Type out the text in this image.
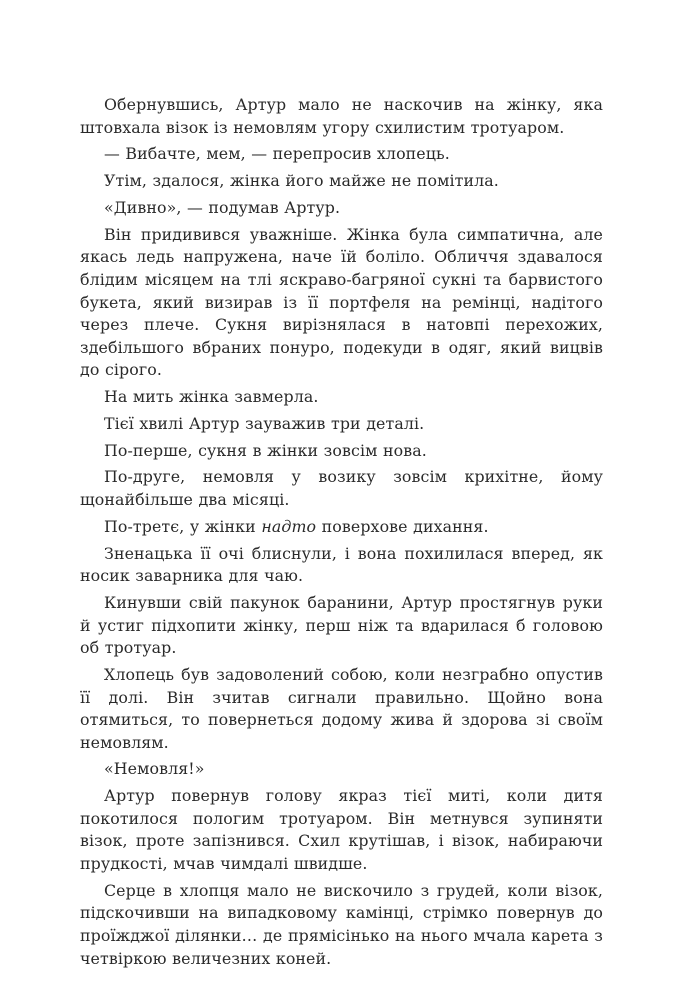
Обернувшись, Артур мало не наскочив на жінку, яка штовхала візок із немовлям угору схилистим тротуаром.

— Вибачте, мем, — перепросив хлопець.

Утім, здалося, жінка його майже не помітила.

«Дивно», — подумав Артур.

Він придивився уважніше. Жінка була симпатична, але якась ледь напружена, наче їй боліло. Обличчя здавалося блідим місяцем на тлі яскраво-багряної сукні та барвистого букета, який визирав із її портфеля на ремінці, надітого через плече. Сукня вирізнялася в натовпі перехожих, здебільшого вбраних понуро, подекуди в одяг, який вицвів до сірого.

На мить жінка завмерла.

Тієї хвилі Артур зауважив три деталі.

По-перше, сукня в жінки зовсім нова.

По-друге, немовля у возику зовсім крихітне, йому щонайбільше два місяці.

По-третє, у жінки надто поверхове дихання.

Зненацька її очі блиснули, і вона похилилася вперед, як носик заварника для чаю.

Кинувши свій пакунок баранини, Артур простягнув руки й устиг підхопити жінку, перш ніж та вдарилася б головою об тротуар.

Хлопець був задоволений собою, коли незграбно опустив її долі. Він зчитав сигнали правильно. Щойно вона отямиться, то повернеться додому жива й здорова зі своїм немовлям.

«Немовля!»

Артур повернув голову якраз тієї миті, коли дитя покотилося пологим тротуаром. Він метнувся зупиняти візок, проте запізнився. Схил крутішав, і візок, набираючи прудкості, мчав чимдалі швидше.

Серце в хлопця мало не вискочило з грудей, коли візок, підскочивши на випадковому камінці, стрімко повернув до проїжджої ділянки… де прямісінько на нього мчала карета з четвіркою величезних коней.
